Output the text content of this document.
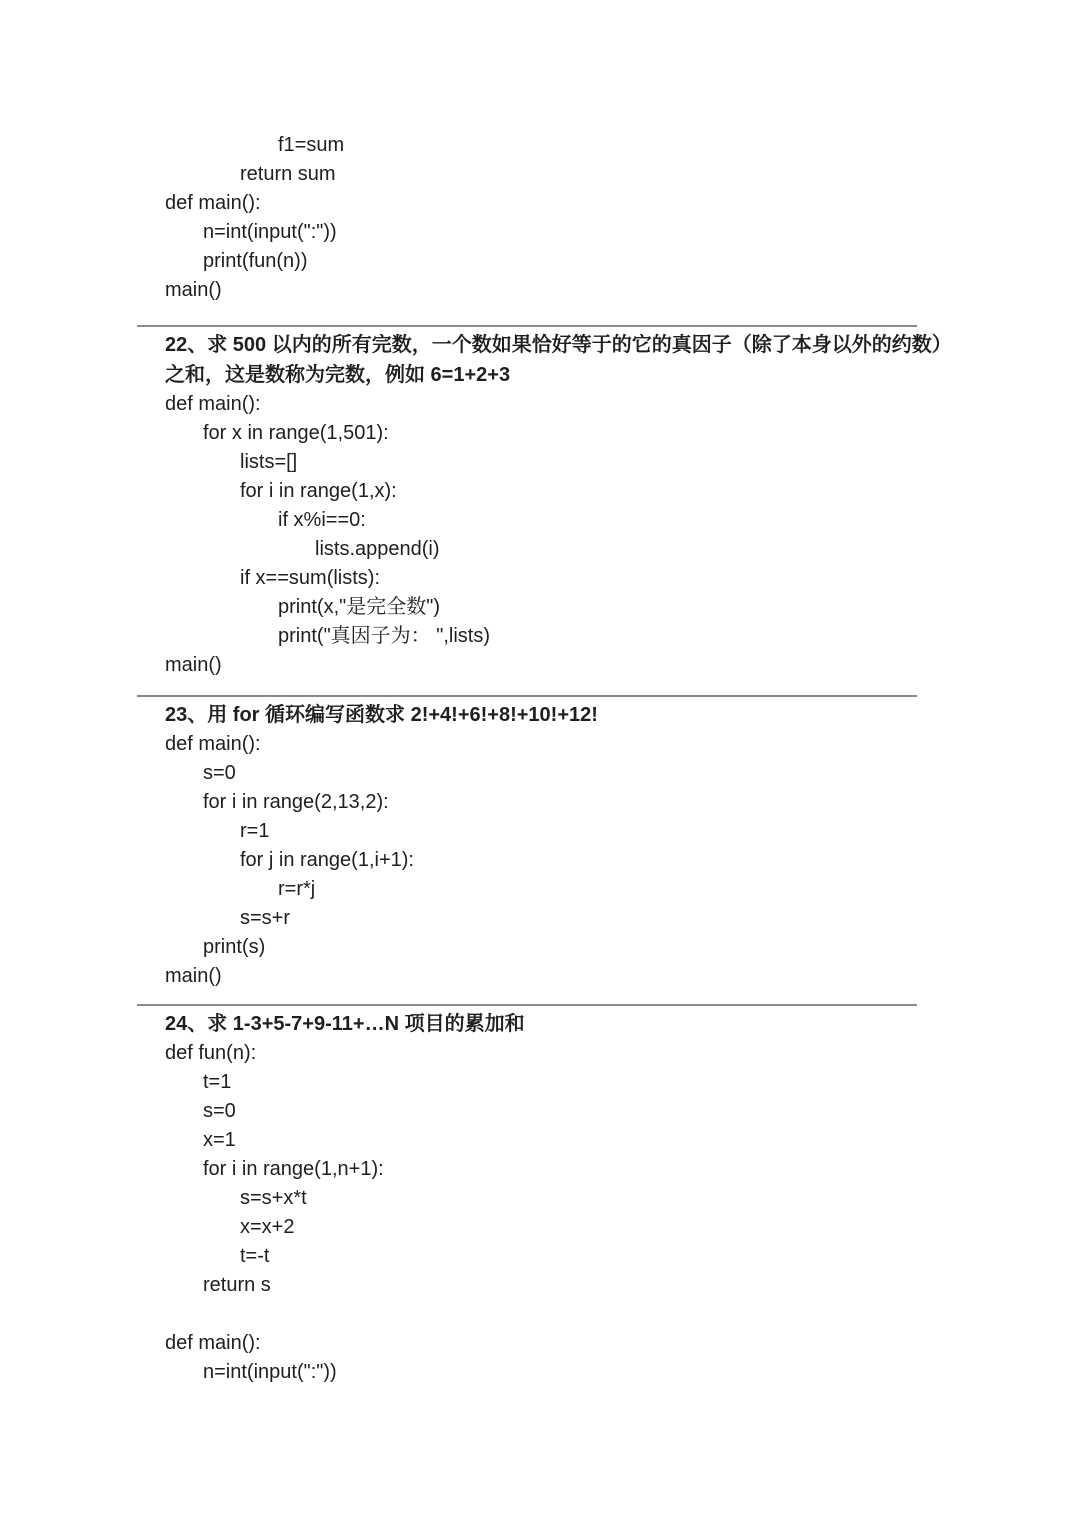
f1=sum
return sum
def main():
n=int(input(":"))
print(fun(n))
main()
22、求 500 以内的所有完数，一个数如果恰好等于的它的真因子（除了本身以外的约数）
之和，这是数称为完数，例如 6=1+2+3
def main():
for x in range(1,501):
lists=[]
for i in range(1,x):
if x%i==0:
lists.append(i)
if x==sum(lists):
print(x,"是完全数")
print("真因子为： ",lists)
main()
23、用 for 循环编写函数求 2!+4!+6!+8!+10!+12!
def main():
s=0
for i in range(2,13,2):
r=1
for j in range(1,i+1):
r=r*j
s=s+r
print(s)
main()
24、求 1-3+5-7+9-11+…N 项目的累加和
def fun(n):
t=1
s=0
x=1
for i in range(1,n+1):
s=s+x*t
x=x+2
t=-t
return s
def main():
n=int(input(":"))
